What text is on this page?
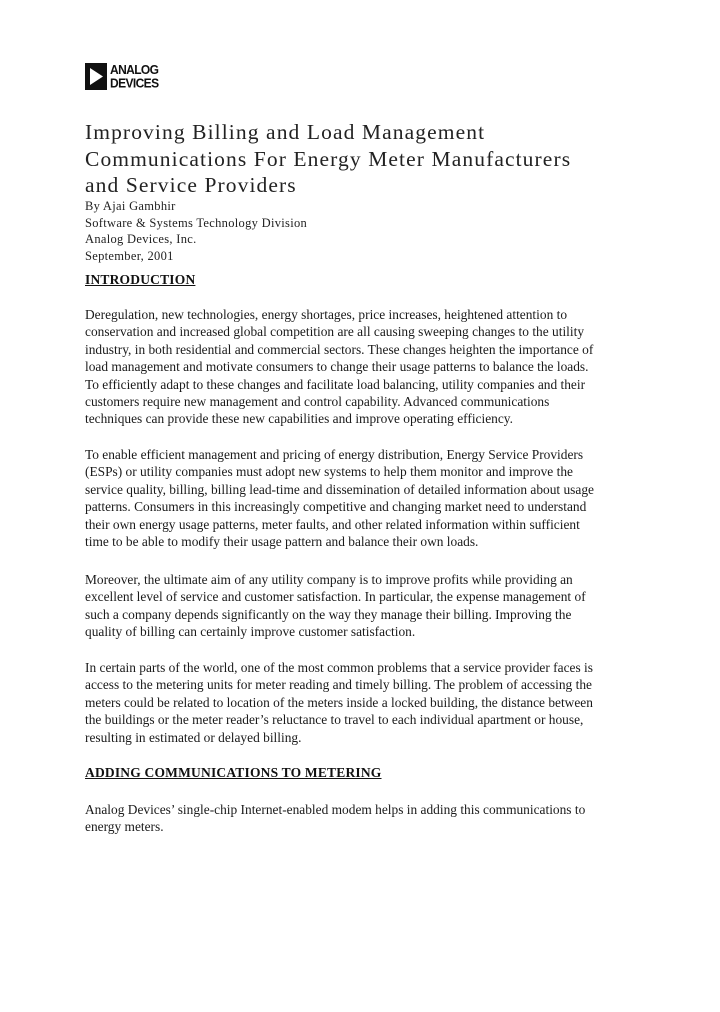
ANALOG
DEVICES
Improving Billing and Load Management
Communications For Energy Meter Manufacturers
and Service Providers
By Ajai Gambhir
Software & Systems Technology Division
Analog Devices, Inc.
September, 2001
INTRODUCTION

Deregulation, new technologies, energy shortages, price increases, heightened attention to
conservation and increased global competition are all causing sweeping changes to the utility
industry, in both residential and commercial sectors. These changes heighten the importance of
load management and motivate consumers to change their usage patterns to balance the loads.
To efficiently adapt to these changes and facilitate load balancing, utility companies and their
customers require new management and control capability. Advanced communications
techniques can provide these new capabilities and improve operating efficiency.

To enable efficient management and pricing of energy distribution, Energy Service Providers
(ESPs) or utility companies must adopt new systems to help them monitor and improve the
service quality, billing, billing lead-time and dissemination of detailed information about usage
patterns. Consumers in this increasingly competitive and changing market need to understand
their own energy usage patterns, meter faults, and other related information within sufficient
time to be able to modify their usage pattern and balance their own loads.

Moreover, the ultimate aim of any utility company is to improve profits while providing an
excellent level of service and customer satisfaction. In particular, the expense management of
such a company depends significantly on the way they manage their billing. Improving the
quality of billing can certainly improve customer satisfaction.

In certain parts of the world, one of the most common problems that a service provider faces is
access to the metering units for meter reading and timely billing. The problem of accessing the
meters could be related to location of the meters inside a locked building, the distance between
the buildings or the meter reader’s reluctance to travel to each individual apartment or house,
resulting in estimated or delayed billing.

ADDING COMMUNICATIONS TO METERING

Analog Devices’ single-chip Internet-enabled modem helps in adding this communications to
energy meters.
